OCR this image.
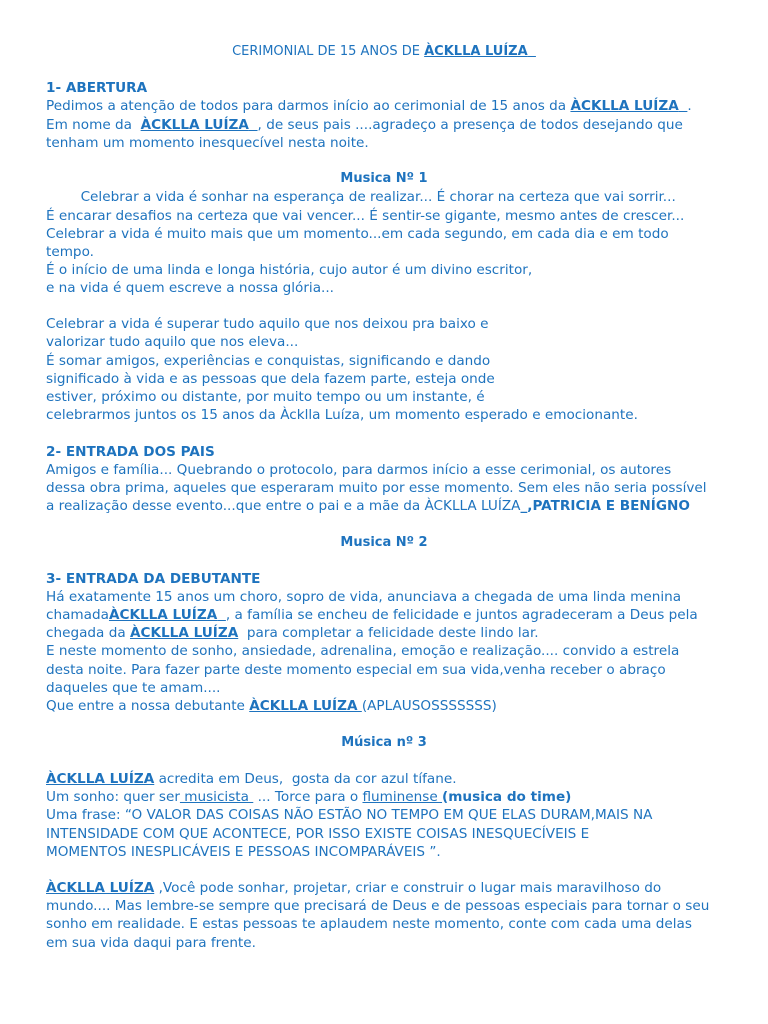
CERIMONIAL DE 15 ANOS DE ÀCKLLA LUÍZA
1- ABERTURA
Pedimos a atenção de todos para darmos início ao cerimonial de 15 anos da ÀCKLLA LUÍZA .
Em nome da  ÀCKLLA LUÍZA , de seus pais ....agradeço a presença de todos desejando que
tenham um momento inesquecível nesta noite.
Musica Nº 1
Celebrar a vida é sonhar na esperança de realizar... É chorar na certeza que vai sorrir...
É encarar desafios na certeza que vai vencer... É sentir-se gigante, mesmo antes de crescer...
Celebrar a vida é muito mais que um momento...em cada segundo, em cada dia e em todo
tempo.
É o início de uma linda e longa história, cujo autor é um divino escritor,
e na vida é quem escreve a nossa glória...
Celebrar a vida é superar tudo aquilo que nos deixou pra baixo e
valorizar tudo aquilo que nos eleva...
É somar amigos, experiências e conquistas, significando e dando
significado à vida e as pessoas que dela fazem parte, esteja onde
estiver, próximo ou distante, por muito tempo ou um instante, é
celebrarmos juntos os 15 anos da Àcklla Luíza, um momento esperado e emocionante.
2- ENTRADA DOS PAIS
Amigos e família... Quebrando o protocolo, para darmos início a esse cerimonial, os autores
dessa obra prima, aqueles que esperaram muito por esse momento. Sem eles não seria possível
a realização desse evento...que entre o pai e a mãe da ÀCKLLA LUÍZA_,PATRICIA E BENÍGNO
Musica Nº 2
3- ENTRADA DA DEBUTANTE
Há exatamente 15 anos um choro, sopro de vida, anunciava a chegada de uma linda menina
chamadaÀCKLLA LUÍZA , a família se encheu de felicidade e juntos agradeceram a Deus pela
chegada da ÀCKLLA LUÍZA  para completar a felicidade deste lindo lar.
E neste momento de sonho, ansiedade, adrenalina, emoção e realização.... convido a estrela
desta noite. Para fazer parte deste momento especial em sua vida,venha receber o abraço
daqueles que te amam....
Que entre a nossa debutante ÀCKLLA LUÍZA (APLAUSOSSSSSSS)
Música nº 3
ÀCKLLA LUÍZA acredita em Deus,  gosta da cor azul tífane.
Um sonho: quer ser musicista  ... Torce para o fluminense (musica do time)
Uma frase: “O VALOR DAS COISAS NÃO ESTÃO NO TEMPO EM QUE ELAS DURAM,MAIS NA
INTENSIDADE COM QUE ACONTECE, POR ISSO EXISTE COISAS INESQUECÍVEIS E
MOMENTOS INESPLICÁVEIS E PESSOAS INCOMPARÁVEIS ”.
ÀCKLLA LUÍZA ,Você pode sonhar, projetar, criar e construir o lugar mais maravilhoso do
mundo.... Mas lembre-se sempre que precisará de Deus e de pessoas especiais para tornar o seu
sonho em realidade. E estas pessoas te aplaudem neste momento, conte com cada uma delas
em sua vida daqui para frente.
